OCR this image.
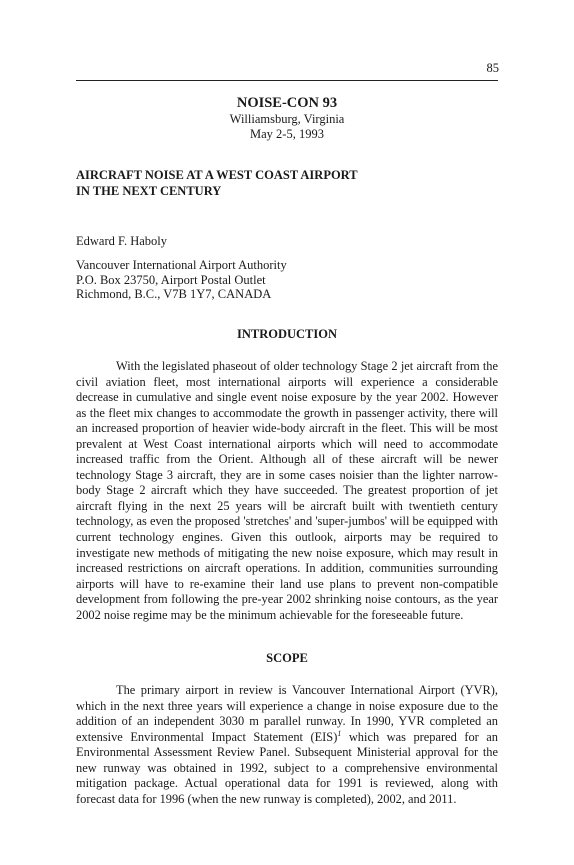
85
NOISE-CON 93
Williamsburg, Virginia
May 2-5, 1993
AIRCRAFT NOISE AT A WEST COAST AIRPORT
IN THE NEXT CENTURY
Edward F. Haboly
Vancouver International Airport Authority
P.O. Box 23750, Airport Postal Outlet
Richmond, B.C., V7B 1Y7, CANADA
INTRODUCTION

With the legislated phaseout of older technology Stage 2 jet aircraft from the civil aviation fleet, most international airports will experience a considerable decrease in cumulative and single event noise exposure by the year 2002. However as the fleet mix changes to accommodate the growth in passenger activity, there will an increased proportion of heavier wide-body aircraft in the fleet. This will be most prevalent at West Coast international airports which will need to accommodate increased traffic from the Orient. Although all of these aircraft will be newer technology Stage 3 aircraft, they are in some cases noisier than the lighter narrow-body Stage 2 aircraft which they have succeeded. The greatest proportion of jet aircraft flying in the next 25 years will be aircraft built with twentieth century technology, as even the proposed 'stretches' and 'super-jumbos' will be equipped with current technology engines. Given this outlook, airports may be required to investigate new methods of mitigating the new noise exposure, which may result in increased restrictions on aircraft operations. In addition, communities surrounding airports will have to re-examine their land use plans to prevent non-compatible development from following the pre-year 2002 shrinking noise contours, as the year 2002 noise regime may be the minimum achievable for the foreseeable future.

SCOPE

The primary airport in review is Vancouver International Airport (YVR), which in the next three years will experience a change in noise exposure due to the addition of an independent 3030 m parallel runway. In 1990, YVR completed an extensive Environmental Impact Statement (EIS)$^1$ which was prepared for an Environmental Assessment Review Panel. Subsequent Ministerial approval for the new runway was obtained in 1992, subject to a comprehensive environmental mitigation package. Actual operational data for 1991 is reviewed, along with forecast data for 1996 (when the new runway is completed), 2002, and 2011.
